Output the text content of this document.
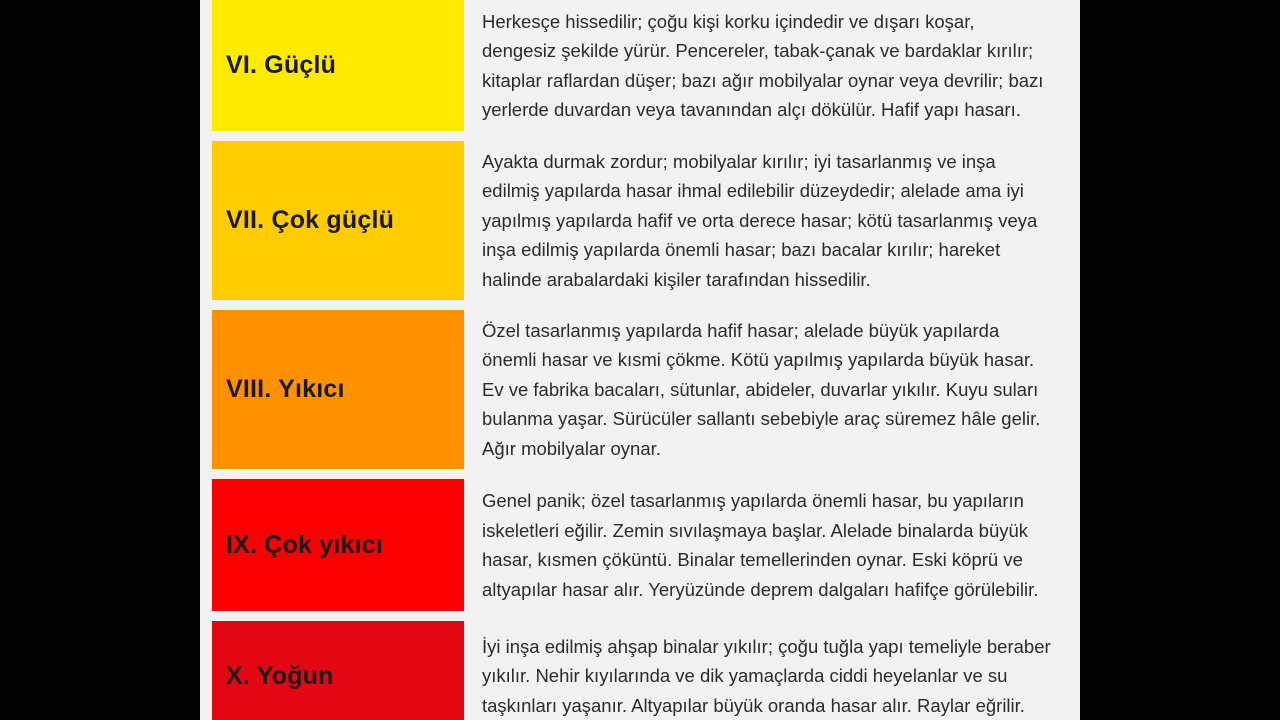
VI. Güçlü
Herkesçe hissedilir; çoğu kişi korku içindedir ve dışarı koşar, dengesiz şekilde yürür. Pencereler, tabak-çanak ve bardaklar kırılır; kitaplar raflardan düşer; bazı ağır mobilyalar oynar veya devrilir; bazı yerlerde duvardan veya tavanından alçı dökülür. Hafif yapı hasarı.
VII. Çok güçlü
Ayakta durmak zordur; mobilyalar kırılır; iyi tasarlanmış ve inşa edilmiş yapılarda hasar ihmal edilebilir düzeydedir; alelade ama iyi yapılmış yapılarda hafif ve orta derece hasar; kötü tasarlanmış veya inşa edilmiş yapılarda önemli hasar; bazı bacalar kırılır; hareket halinde arabalardaki kişiler tarafından hissedilir.
VIII. Yıkıcı
Özel tasarlanmış yapılarda hafif hasar; alelade büyük yapılarda önemli hasar ve kısmi çökme. Kötü yapılmış yapılarda büyük hasar. Ev ve fabrika bacaları, sütunlar, abideler, duvarlar yıkılır. Kuyu suları bulanma yaşar. Sürücüler sallantı sebebiyle araç süremez hâle gelir. Ağır mobilyalar oynar.
IX. Çok yıkıcı
Genel panik; özel tasarlanmış yapılarda önemli hasar, bu yapıların iskeletleri eğilir. Zemin sıvılaşmaya başlar. Alelade binalarda büyük hasar, kısmen çöküntü. Binalar temellerinden oynar. Eski köprü ve altyapılar hasar alır. Yeryüzünde deprem dalgaları hafifçe görülebilir.
X. Yoğun
İyi inşa edilmiş ahşap binalar yıkılır; çoğu tuğla yapı temeliyle beraber yıkılır. Nehir kıyılarında ve dik yamaçlarda ciddi heyelanlar ve su taşkınları yaşanır. Altyapılar büyük oranda hasar alır. Raylar eğrilir.
